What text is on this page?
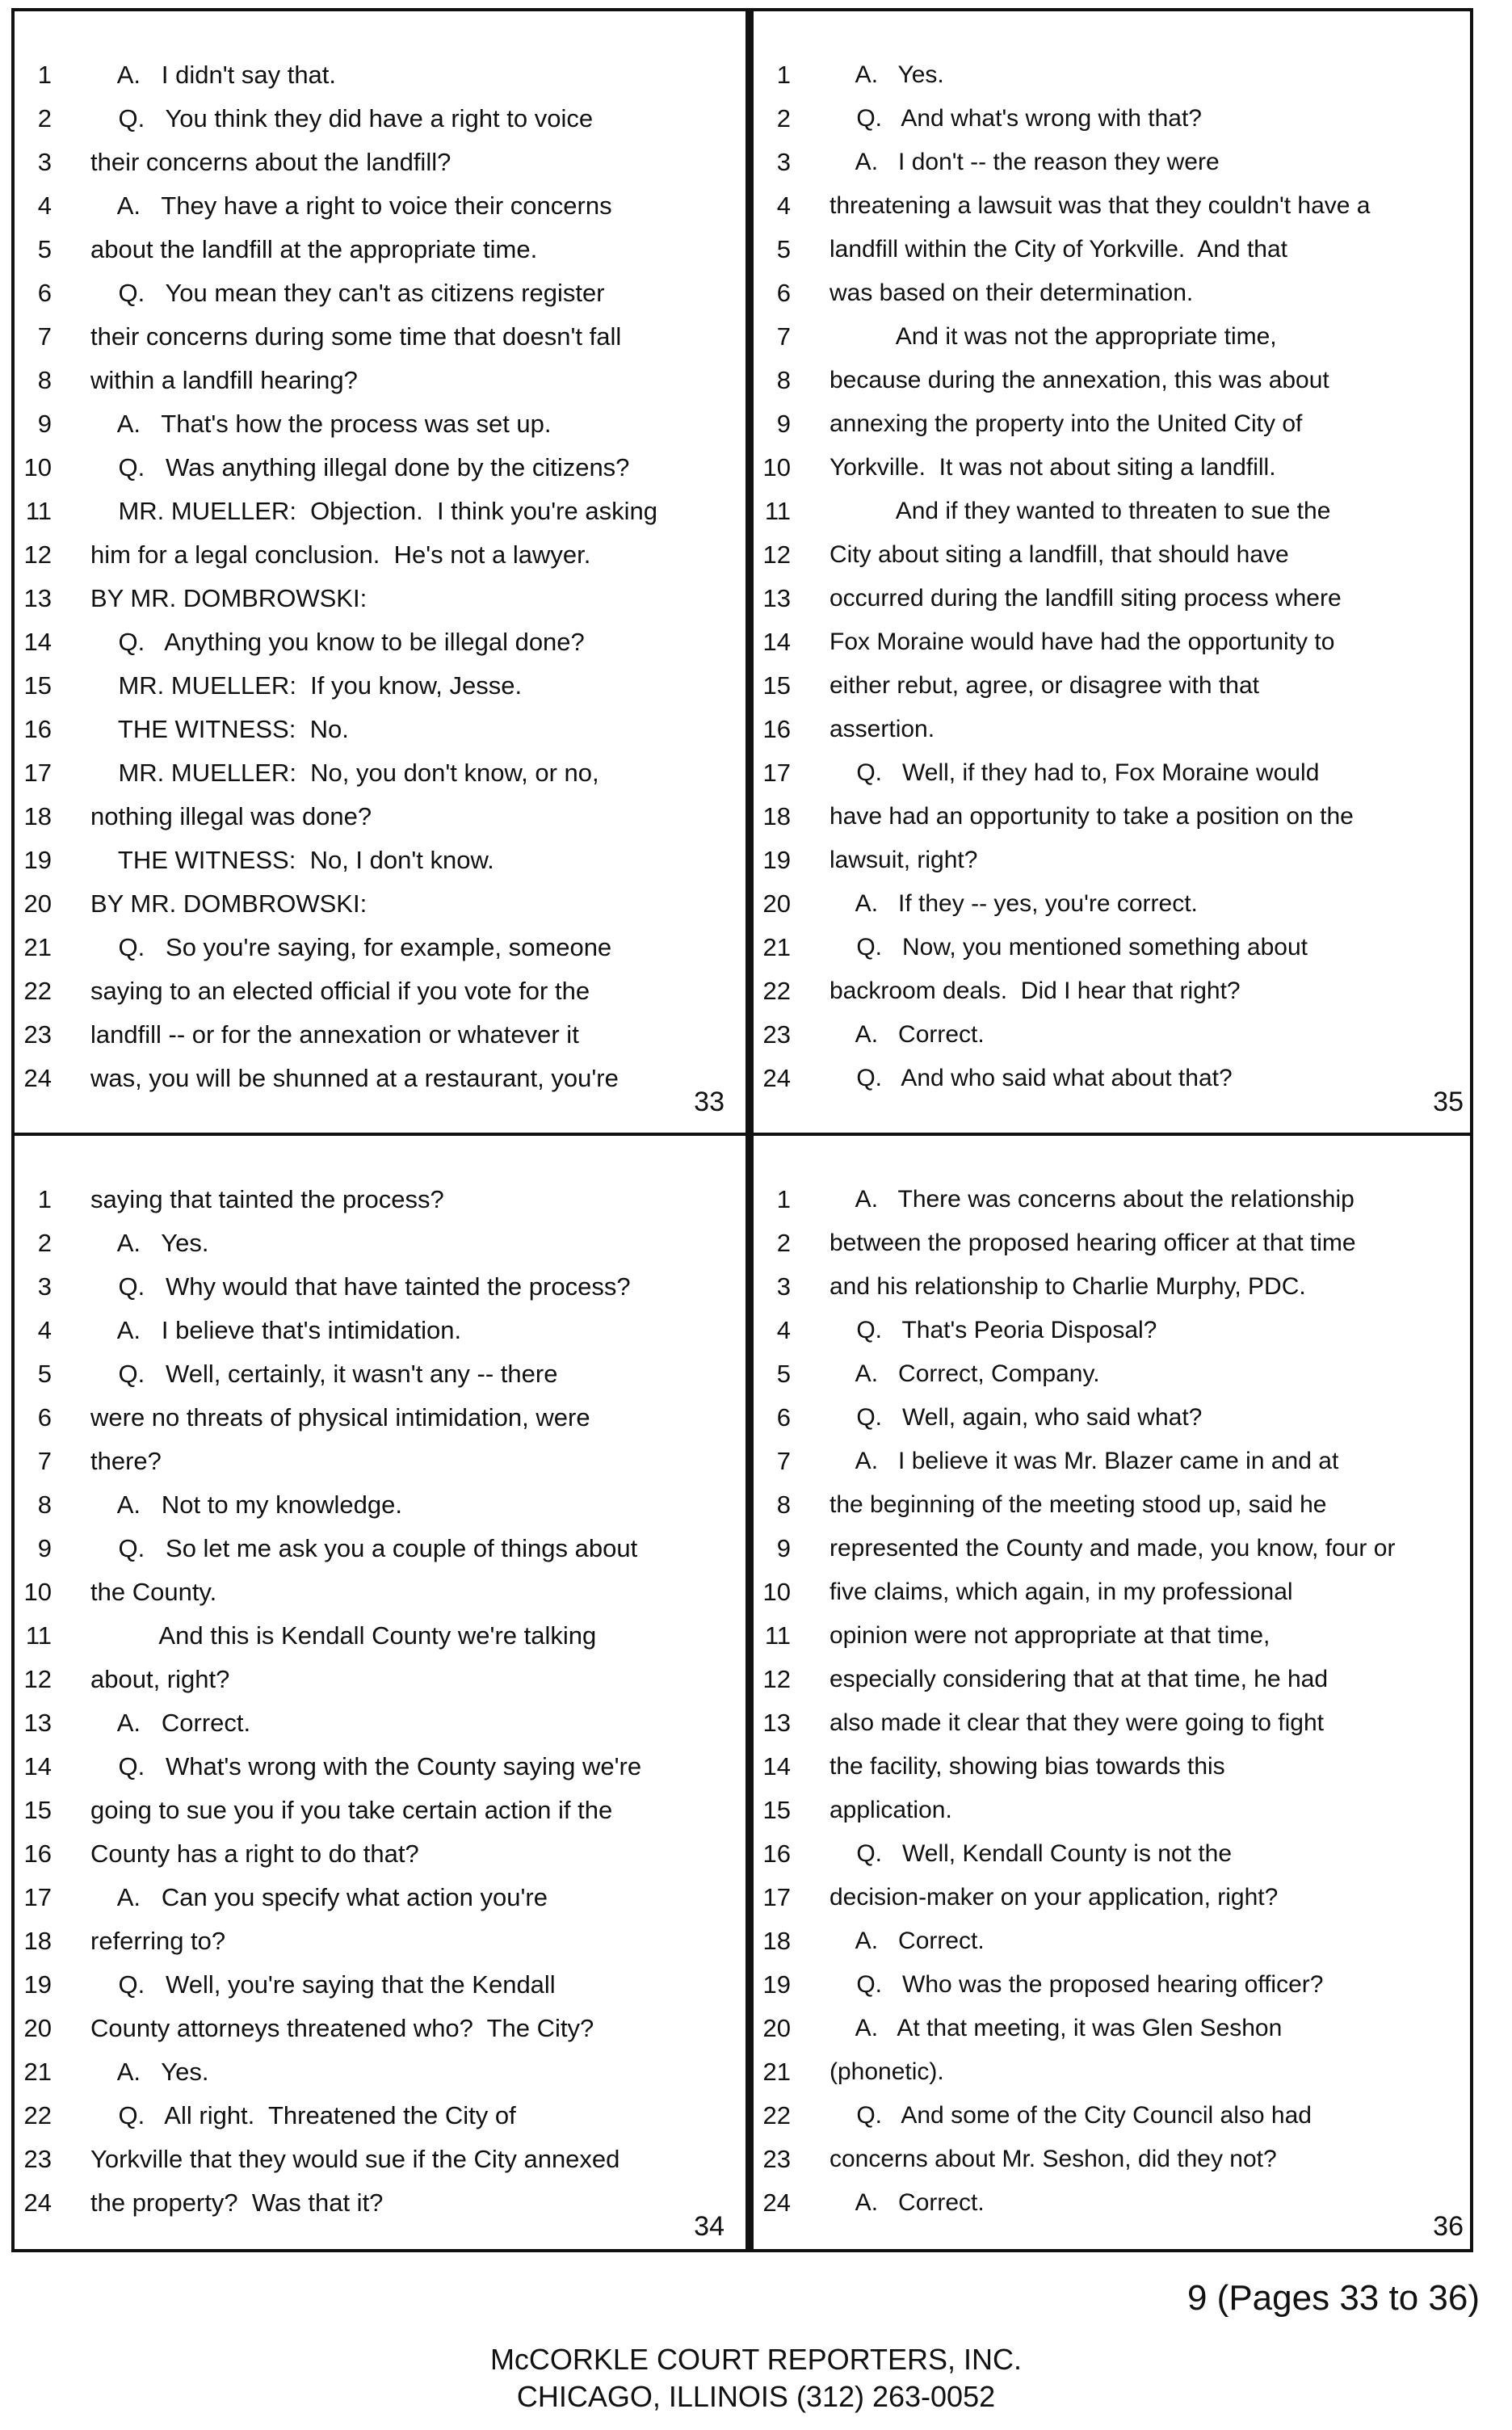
1 A.   I didn't say that.
2 Q.   You think they did have a right to voice
3 their concerns about the landfill?
4 A.   They have a right to voice their concerns
5 about the landfill at the appropriate time.
6 Q.   You mean they can't as citizens register
7 their concerns during some time that doesn't fall
8 within a landfill hearing?
9 A.   That's how the process was set up.
10 Q.   Was anything illegal done by the citizens?
11 MR. MUELLER:  Objection.  I think you're asking
12 him for a legal conclusion.  He's not a lawyer.
13 BY MR. DOMBROWSKI:
14 Q.   Anything you know to be illegal done?
15 MR. MUELLER:  If you know, Jesse.
16 THE WITNESS:  No.
17 MR. MUELLER:  No, you don't know, or no,
18 nothing illegal was done?
19 THE WITNESS:  No, I don't know.
20 BY MR. DOMBROWSKI:
21 Q.   So you're saying, for example, someone
22 saying to an elected official if you vote for the
23 landfill -- or for the annexation or whatever it
24 was, you will be shunned at a restaurant, you're
33
1 A.   Yes.
2 Q.   And what's wrong with that?
3 A.   I don't -- the reason they were
4 threatening a lawsuit was that they couldn't have a
5 landfill within the City of Yorkville.  And that
6 was based on their determination.
7 And it was not the appropriate time,
8 because during the annexation, this was about
9 annexing the property into the United City of
10 Yorkville.  It was not about siting a landfill.
11 And if they wanted to threaten to sue the
12 City about siting a landfill, that should have
13 occurred during the landfill siting process where
14 Fox Moraine would have had the opportunity to
15 either rebut, agree, or disagree with that
16 assertion.
17 Q.   Well, if they had to, Fox Moraine would
18 have had an opportunity to take a position on the
19 lawsuit, right?
20 A.   If they -- yes, you're correct.
21 Q.   Now, you mentioned something about
22 backroom deals.  Did I hear that right?
23 A.   Correct.
24 Q.   And who said what about that?
35
1 saying that tainted the process?
2 A.   Yes.
3 Q.   Why would that have tainted the process?
4 A.   I believe that's intimidation.
5 Q.   Well, certainly, it wasn't any -- there
6 were no threats of physical intimidation, were
7 there?
8 A.   Not to my knowledge.
9 Q.   So let me ask you a couple of things about
10 the County.
11 And this is Kendall County we're talking
12 about, right?
13 A.   Correct.
14 Q.   What's wrong with the County saying we're
15 going to sue you if you take certain action if the
16 County has a right to do that?
17 A.   Can you specify what action you're
18 referring to?
19 Q.   Well, you're saying that the Kendall
20 County attorneys threatened who?  The City?
21 A.   Yes.
22 Q.   All right.  Threatened the City of
23 Yorkville that they would sue if the City annexed
24 the property?  Was that it?
34
1 A.   There was concerns about the relationship
2 between the proposed hearing officer at that time
3 and his relationship to Charlie Murphy, PDC.
4 Q.   That's Peoria Disposal?
5 A.   Correct, Company.
6 Q.   Well, again, who said what?
7 A.   I believe it was Mr. Blazer came in and at
8 the beginning of the meeting stood up, said he
9 represented the County and made, you know, four or
10 five claims, which again, in my professional
11 opinion were not appropriate at that time,
12 especially considering that at that time, he had
13 also made it clear that they were going to fight
14 the facility, showing bias towards this
15 application.
16 Q.   Well, Kendall County is not the
17 decision-maker on your application, right?
18 A.   Correct.
19 Q.   Who was the proposed hearing officer?
20 A.   At that meeting, it was Glen Seshon
21 (phonetic).
22 Q.   And some of the City Council also had
23 concerns about Mr. Seshon, did they not?
24 A.   Correct.
36
9 (Pages 33 to 36)
McCORKLE COURT REPORTERS, INC.
CHICAGO, ILLINOIS (312) 263-0052
